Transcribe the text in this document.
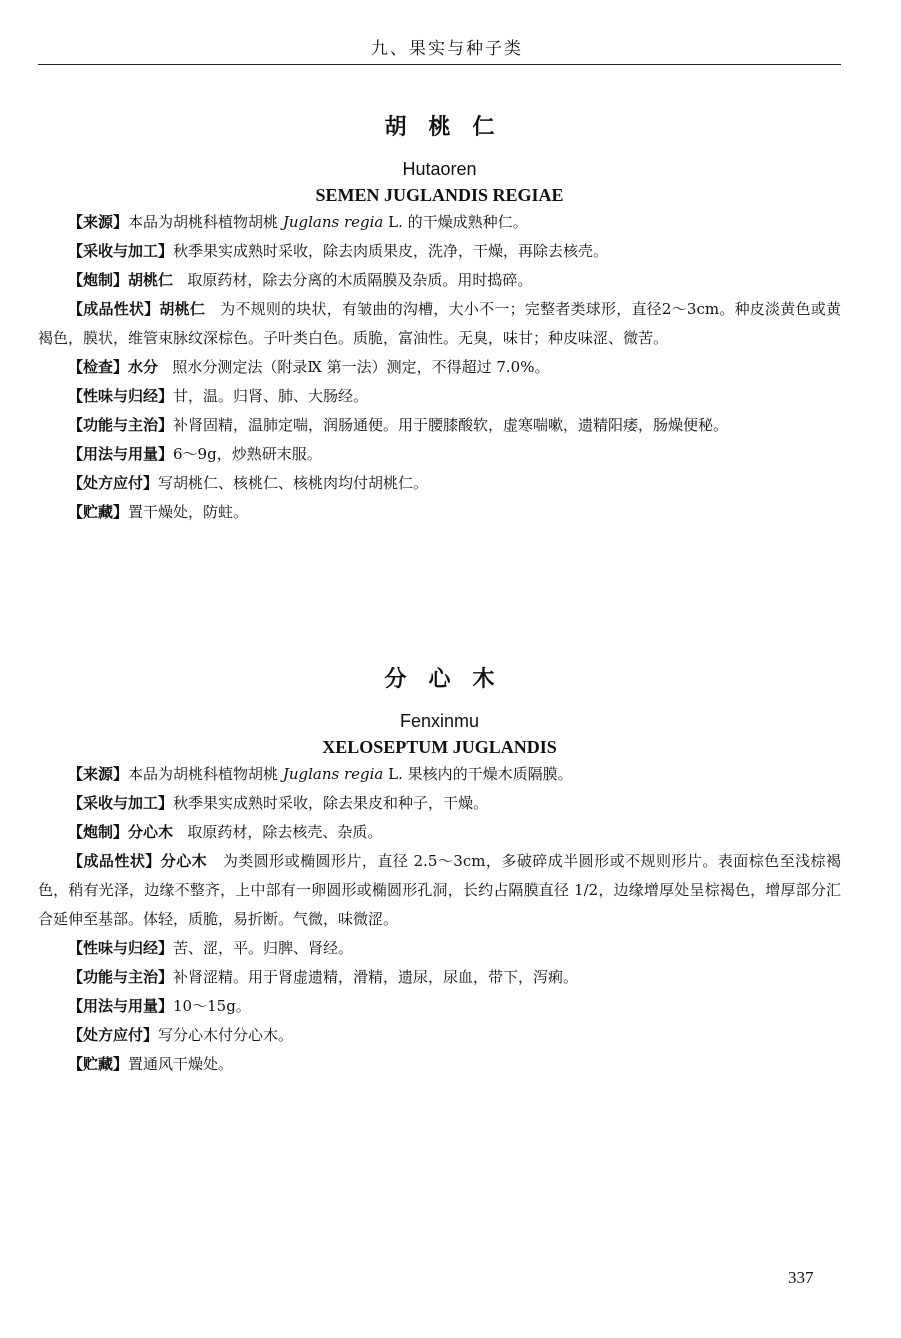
九、果实与种子类
胡桃仁
Hutaoren
SEMEN JUGLANDIS REGIAE

【来源】本品为胡桃科植物胡桃 Juglans regia L. 的干燥成熟种仁。

【采收与加工】秋季果实成熟时采收，除去肉质果皮，洗净，干燥，再除去核壳。

【炮制】胡桃仁 取原药材，除去分离的木质隔膜及杂质。用时捣碎。

【成品性状】胡桃仁 为不规则的块状，有皱曲的沟槽，大小不一；完整者类球形，直径2～3cm。种皮淡黄色或黄褐色，膜状，维管束脉纹深棕色。子叶类白色。质脆，富油性。无臭，味甘；种皮味涩、微苦。

【检查】水分 照水分测定法（附录Ⅸ 第一法）测定，不得超过 7.0%。

【性味与归经】甘，温。归肾、肺、大肠经。

【功能与主治】补肾固精，温肺定喘，润肠通便。用于腰膝酸软，虚寒喘嗽，遗精阳痿，肠燥便秘。

【用法与用量】6～9g，炒熟研末服。

【处方应付】写胡桃仁、核桃仁、核桃肉均付胡桃仁。

【贮藏】置干燥处，防蛀。

分心木
Fenxinmu
XELOSEPTUM JUGLANDIS

【来源】本品为胡桃科植物胡桃 Juglans regia L. 果核内的干燥木质隔膜。

【采收与加工】秋季果实成熟时采收，除去果皮和种子，干燥。

【炮制】分心木 取原药材，除去核壳、杂质。

【成品性状】分心木 为类圆形或椭圆形片，直径 2.5～3cm，多破碎成半圆形或不规则形片。表面棕色至浅棕褐色，稍有光泽，边缘不整齐，上中部有一卵圆形或椭圆形孔洞，长约占隔膜直径 1/2，边缘增厚处呈棕褐色，增厚部分汇合延伸至基部。体轻，质脆，易折断。气微，味微涩。

【性味与归经】苦、涩，平。归脾、肾经。

【功能与主治】补肾涩精。用于肾虚遗精，滑精，遗尿，尿血，带下，泻痢。

【用法与用量】10～15g。

【处方应付】写分心木付分心木。

【贮藏】置通风干燥处。

337
